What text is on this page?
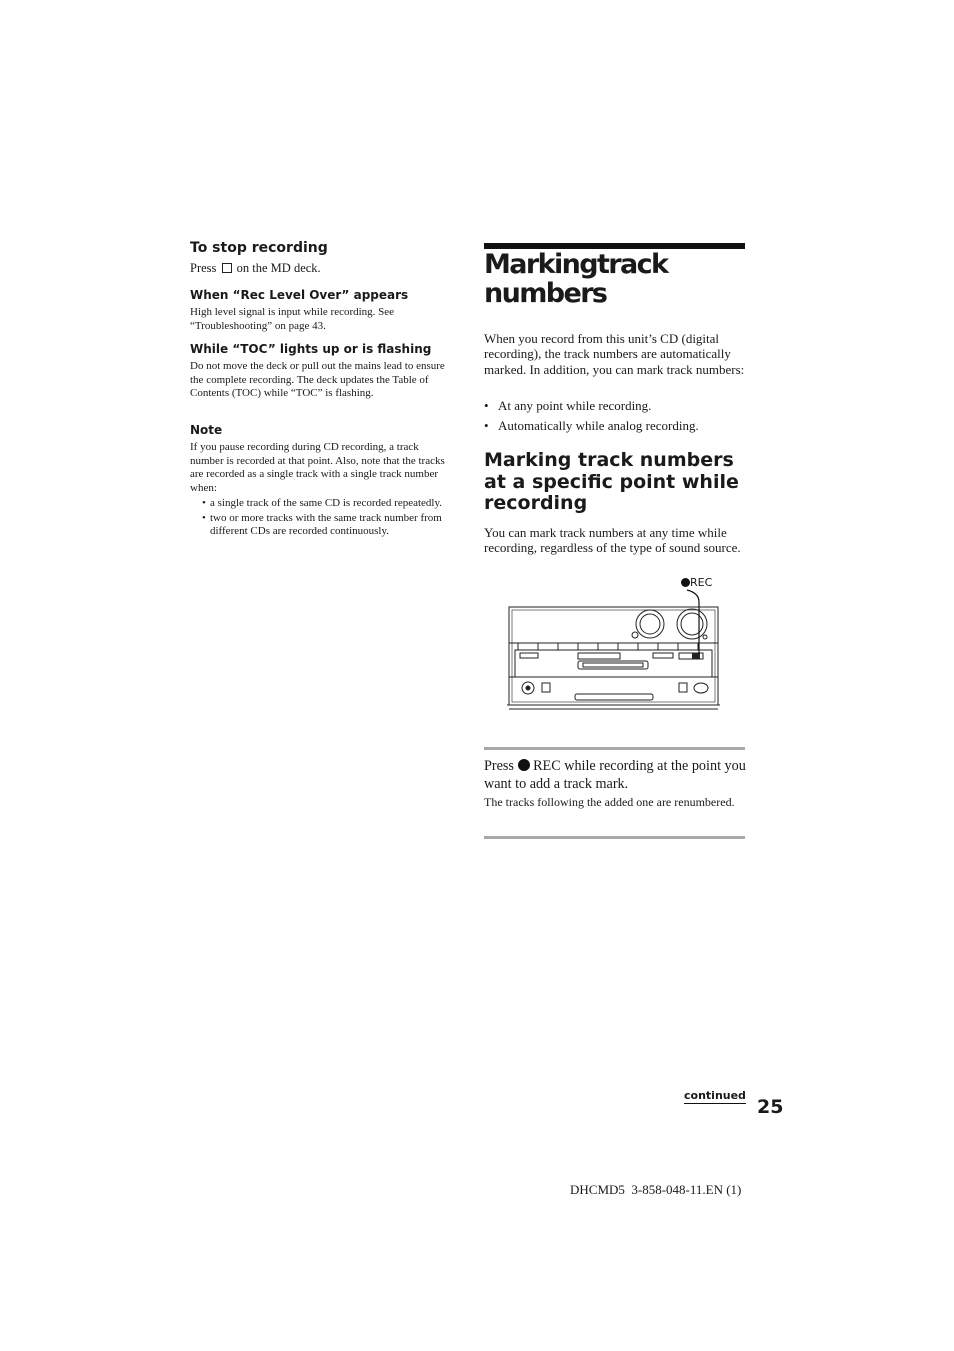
To stop recording
Press on the MD deck.
When “Rec Level Over” appears
High level signal is input while recording. See “Troubleshooting” on page 43.
While “TOC” lights up or is flashing
Do not move the deck or pull out the mains lead to ensure the complete recording. The deck updates the Table of Contents (TOC) while “TOC” is flashing.
Note
If you pause recording during CD recording, a track number is recorded at that point. Also, note that the tracks are recorded as a single track with a single track number when:
• a single track of the same CD is recorded repeatedly.
• two or more tracks with the same track number from different CDs are recorded continuously.
Markingtrack numbers
When you record from this unit’s CD (digital recording), the track numbers are automatically marked. In addition, you can mark track numbers:
• At any point while recording.
• Automatically while analog recording.
Marking track numbers at a specific point while recording
You can mark track numbers at any time while recording, regardless of the type of sound source.
REC
Press REC while recording at the point you want to add a track mark.
The tracks following the added one are renumbered.
continued
25
DHCMD5  3-858-048-11.EN (1)
